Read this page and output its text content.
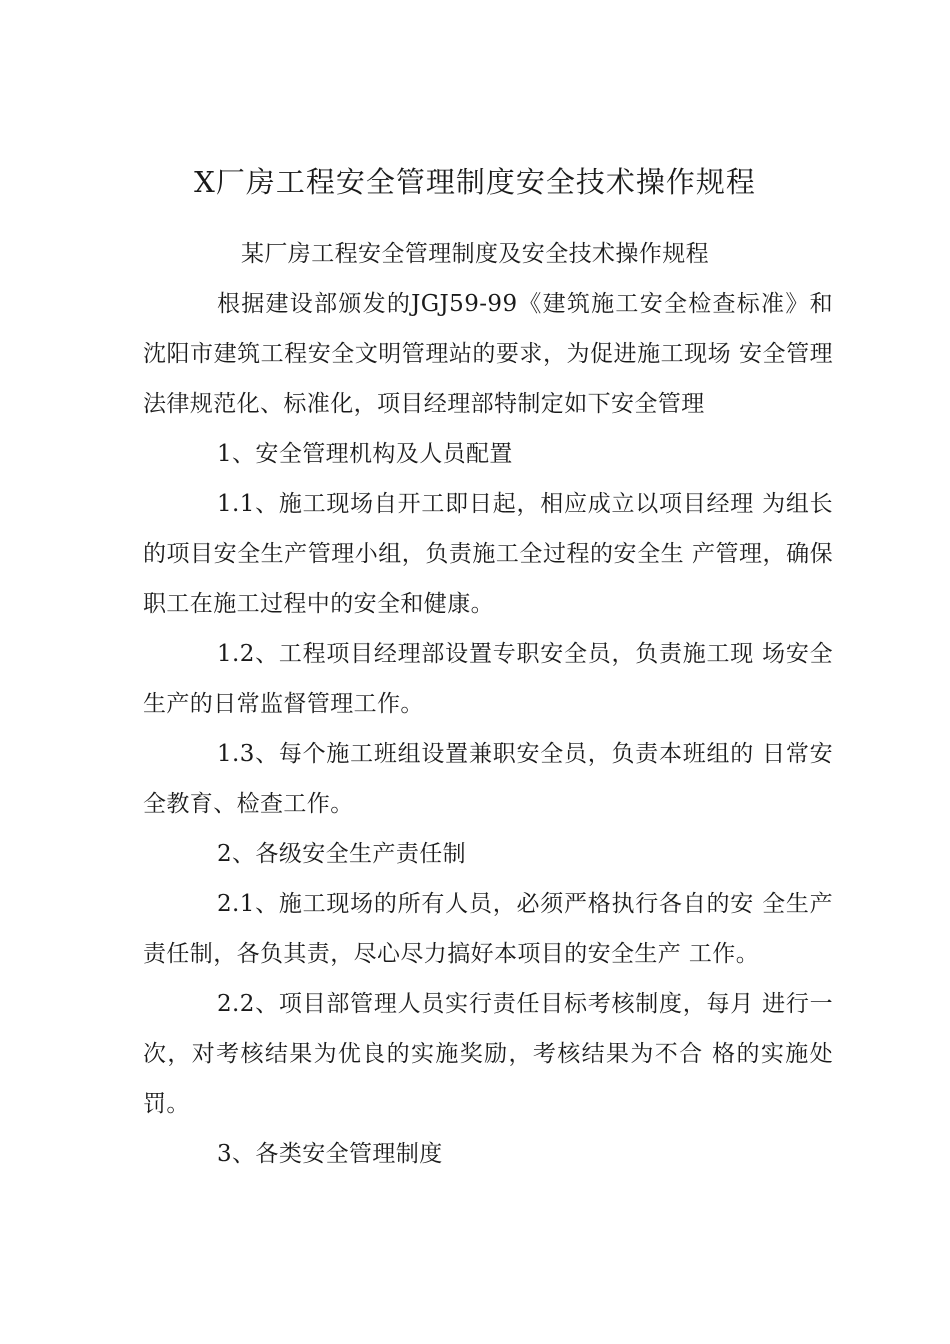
X厂房工程安全管理制度安全技术操作规程

某厂房工程安全管理制度及安全技术操作规程

根据建设部颁发的JGJ59-99《建筑施工安全检查标准》和沈阳市建筑工程安全文明管理站的要求，为促进施工现场 安全管理法律规范化、标准化，项目经理部特制定如下安全管理

1、安全管理机构及人员配置

1.1、施工现场自开工即日起，相应成立以项目经理 为组长的项目安全生产管理小组，负责施工全过程的安全生 产管理，确保职工在施工过程中的安全和健康。

1.2、工程项目经理部设置专职安全员，负责施工现 场安全生产的日常监督管理工作。

1.3、每个施工班组设置兼职安全员，负责本班组的 日常安全教育、检查工作。

2、各级安全生产责任制

2.1、施工现场的所有人员，必须严格执行各自的安 全生产责任制，各负其责，尽心尽力搞好本项目的安全生产 工作。

2.2、项目部管理人员实行责任目标考核制度，每月 进行一次，对考核结果为优良的实施奖励，考核结果为不合 格的实施处罚。

3、各类安全管理制度
